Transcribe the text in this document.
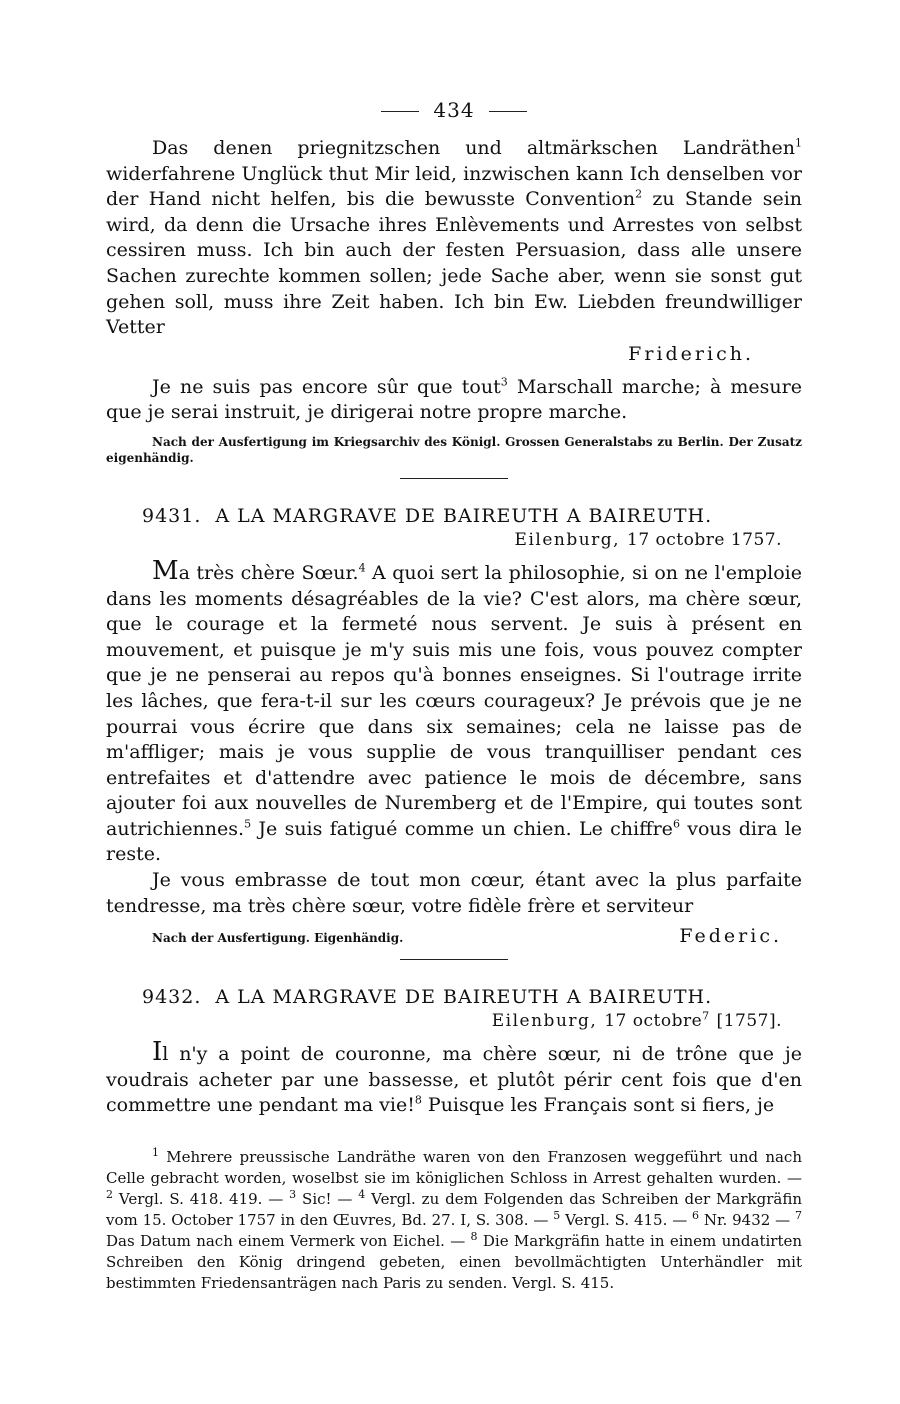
434

Das denen priegnitzschen und altmärkschen Landräthen$^1$ widerfahrene Unglück thut Mir leid, inzwischen kann Ich denselben vor der Hand nicht helfen, bis die bewusste Convention$^2$ zu Stande sein wird, da denn die Ursache ihres Enlèvements und Arrestes von selbst cessiren muss. Ich bin auch der festen Persuasion, dass alle unsere Sachen zurechte kommen sollen; jede Sache aber, wenn sie sonst gut gehen soll, muss ihre Zeit haben. Ich bin Ew. Liebden freundwilliger Vetter

Friderich.

Je ne suis pas encore sûr que tout$^3$ Marschall marche; à mesure que je serai instruit, je dirigerai notre propre marche.

Nach der Ausfertigung im Kriegsarchiv des Königl. Grossen Generalstabs zu Berlin. Der Zusatz eigenhändig.
9431. A LA MARGRAVE DE BAIREUTH A BAIREUTH.
Eilenburg, 17 octobre 1757.

Ma très chère Sœur.$^4$ A quoi sert la philosophie, si on ne l'emploie dans les moments désagréables de la vie? C'est alors, ma chère sœur, que le courage et la fermeté nous servent. Je suis à présent en mouvement, et puisque je m'y suis mis une fois, vous pouvez compter que je ne penserai au repos qu'à bonnes enseignes. Si l'outrage irrite les lâches, que fera-t-il sur les cœurs courageux? Je prévois que je ne pourrai vous écrire que dans six semaines; cela ne laisse pas de m'affliger; mais je vous supplie de vous tranquilliser pendant ces entrefaites et d'attendre avec patience le mois de décembre, sans ajouter foi aux nouvelles de Nuremberg et de l'Empire, qui toutes sont autrichiennes.$^5$ Je suis fatigué comme un chien. Le chiffre$^6$ vous dira le reste.

Je vous embrasse de tout mon cœur, étant avec la plus parfaite tendresse, ma très chère sœur, votre fidèle frère et serviteur

Nach der Ausfertigung. Eigenhändig.	Federic.
9432. A LA MARGRAVE DE BAIREUTH A BAIREUTH.
Eilenburg, 17 octobre$^7$ [1757].

Il n'y a point de couronne, ma chère sœur, ni de trône que je voudrais acheter par une bassesse, et plutôt périr cent fois que d'en commettre une pendant ma vie!$^8$ Puisque les Français sont si fiers, je

$^1$ Mehrere preussische Landräthe waren von den Franzosen weggeführt und nach Celle gebracht worden, woselbst sie im königlichen Schloss in Arrest gehalten wurden. — $^2$ Vergl. S. 418. 419. — $^3$ Sic! — $^4$ Vergl. zu dem Folgenden das Schreiben der Markgräfin vom 15. October 1757 in den Œuvres, Bd. 27. I, S. 308. — $^5$ Vergl. S. 415. — $^6$ Nr. 9432 — $^7$ Das Datum nach einem Vermerk von Eichel. — $^8$ Die Markgräfin hatte in einem undatirten Schreiben den König dringend gebeten, einen bevollmächtigten Unterhändler mit bestimmten Friedensanträgen nach Paris zu senden. Vergl. S. 415.
